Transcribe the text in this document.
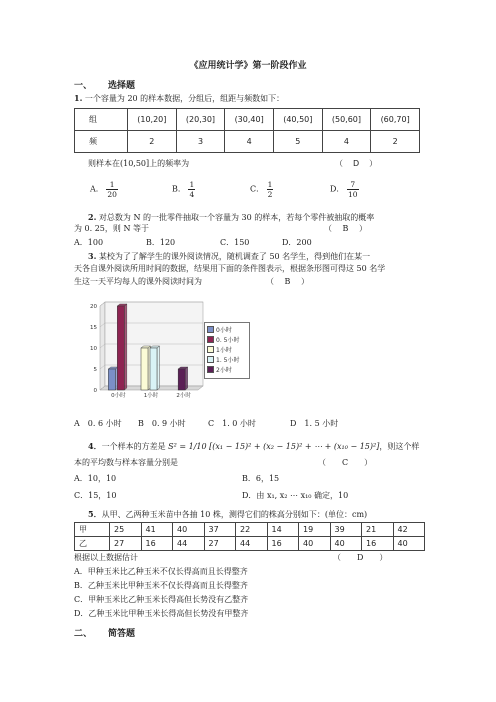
《应用统计学》第一阶段作业
一、 选择题
1. 一个容量为 20 的样本数据，分组后，组距与频数如下：
组	(10,20]	(20,30]	(30,40]	(40,50]	(50,60]	(60,70]
频	2	3	4	5	4	2
则样本在(10,50]上的频率为	（ D ）
A． $\frac{1}{20}$	B． $\frac{1}{4}$	C． $\frac{1}{2}$	D． $\frac{7}{10}$
2. 对总数为 N 的一批零件抽取一个容量为 30 的样本，若每个零件被抽取的概率
为 0. 25，则 N 等于	（　 B 　）
A．100	B．120	C．150	D．200
3. 某校为了了解学生的课外阅读情况，随机调查了 50 名学生，得到他们在某一
天各自课外阅读所用时间的数据，结果用下面的条件图表示，根据条形图可得这 50 名学
生这一天平均每人的课外阅读时间为	（　 B 　）
0
5
10
15
20
0小时	1小时	2小时
0小时
0. 5小时
1小时
1. 5小时
2小时
A　0. 6 小时 B　0. 9 小时	C　1. 0 小时	D　1. 5 小时
4．一个样本的方差是 S² = 1/10 [(x₁ − 15)² + (x₂ − 15)² + ⋯ + (x₁₀ − 15)²]，则这个样
本的平均数与样本容量分别是	（　　C　　）
A．10，10	B．6，15
C．15，10	D．由 x₁, x₂ ⋯ x₁₀ 确定，10
5．从甲、乙两种玉米苗中各抽 10 株，测得它们的株高分别如下：(单位：cm)
甲	25	41	40	37	22	14	19	39	21	42
乙	27	16	44	27	44	16	40	40	16	40
根据以上数据估计	（　　D　　）
A．甲种玉米比乙种玉米不仅长得高而且长得整齐
B．乙种玉米比甲种玉米不仅长得高而且长得整齐
C．甲种玉米比乙种玉米长得高但长势没有乙整齐
D．乙种玉米比甲种玉米长得高但长势没有甲整齐
二、 简答题
